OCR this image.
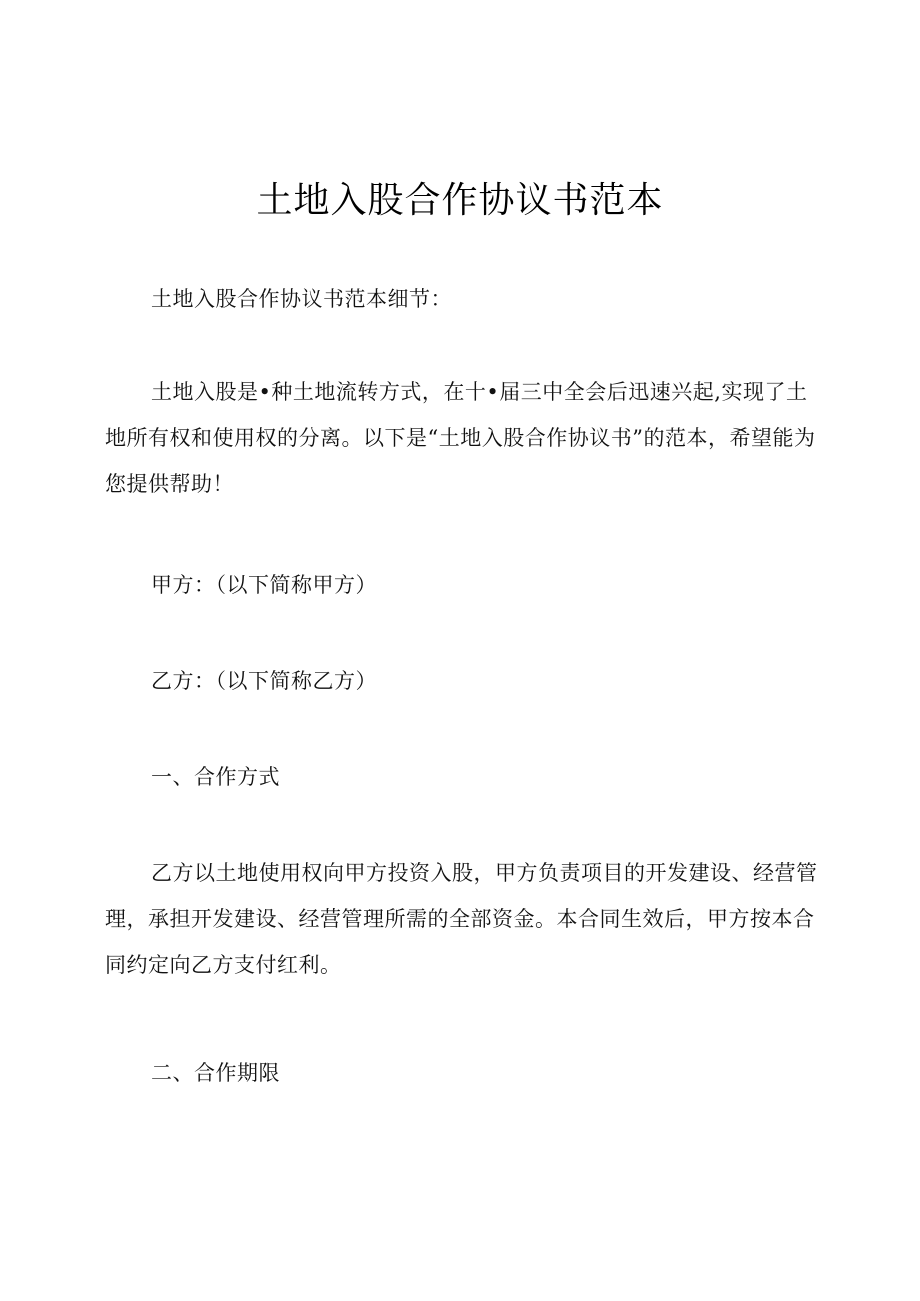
土地入股合作协议书范本

土地入股合作协议书范本细节：

土地入股是•种土地流转方式，在十•届三中全会后迅速兴起,实现了土地所有权和使用权的分离。以下是“土地入股合作协议书”的范本，希望能为您提供帮助！

甲方：（以下简称甲方）

乙方：（以下简称乙方）

一、合作方式

乙方以土地使用权向甲方投资入股，甲方负责项目的开发建设、经营管理，承担开发建设、经营管理所需的全部资金。本合同生效后，甲方按本合同约定向乙方支付红利。

二、合作期限
